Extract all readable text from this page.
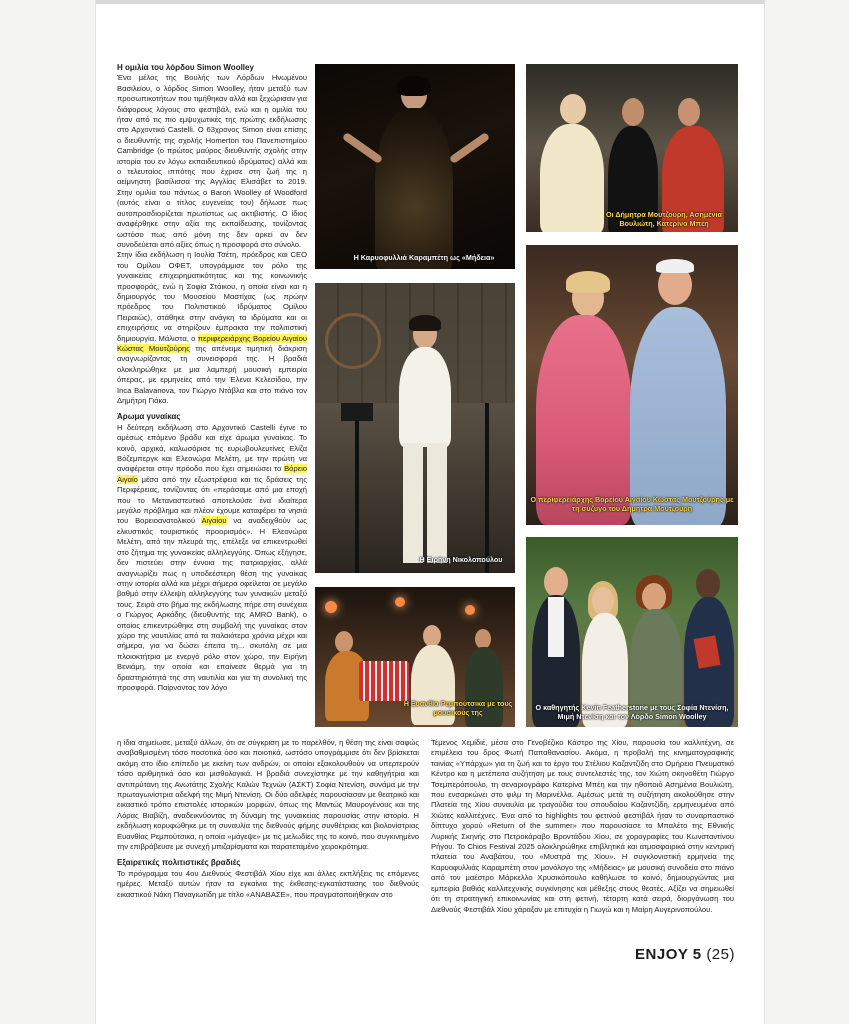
Η ομιλία του λόρδου Simon Woolley

Ένα μέλος της Βουλής των Λόρδων Ηνωμένου Βασιλείου, ο λόρδος Simon Woolley, ήταν μεταξύ των προσωπικοτήτων που τιμήθηκαν αλλά και ξεχώρισαν για διάφορους λόγους στο φεστιβάλ, ενώ και η ομιλία του ήταν από τις πιο εμψυχωτικές της πρώτης εκδήλωσης στο Αρχοντικό Castelli. Ο 63χρονος Simon είναι επίσης ο διευθυντής της σχολής Homerton του Πανεπιστημίου Cambridge (ο πρώτος μαύρος διευθυντής σχολής στην ιστορία του εν λόγω εκπαιδευτικού ιδρύματος) αλλά και ο τελευταίος ιππότης που έχρισε στη ζωή της η αείμνηστη βασίλισσα της Αγγλίας Ελισάβετ το 2019. Στην ομιλία του πάντως ο Baron Woolley of Woodford (αυτός είναι ο τίτλος ευγενείας του) δήλωσε πως αυτοπροσδιορίζεται πρωτίστως ως ακτιβιστής. Ο ίδιος αναφέρθηκε στην αξία της εκπαίδευσης, τονίζοντας ωστόσο πως από μόνη της δεν αρκεί αν δεν συνοδεύεται από αξίες όπως η προσφορά στο σύνολο.

Στην ίδια εκδήλωση η Ιουλία Τσέτη, πρόεδρος και CEO του Ομίλου ΟΦΕΤ, υπογράμμισε τον ρόλο της γυναικείας επιχειρηματικότητας και της κοινωνικής προσφοράς, ενώ η Σοφία Στάικου, η οποία είναι και η δημιουργός του Μουσείου Μαστίχας (ως πρώην πρόεδρος του Πολιτιστικού Ιδρύματος Ομίλου Πειραιώς), στάθηκε στην ανάγκη τα ιδρύματα και οι επιχειρήσεις να στηρίζουν έμπρακτα την πολιτιστική δημιουργία. Μάλιστα, ο περιφερειάρχης Βορείου Αιγαίου Κώστας Μουτζούρης της απένειμε τιμητική διάκριση αναγνωρίζοντας τη συνεισφορά της. Η βραδιά ολοκληρώθηκε με μια λαμπερή μουσική εμπειρία όπερας, με ερμηνείες από την Έλενα Κελεσίδου, την Inca Balavanova, τον Γιώργο Ντάβλα και στο πιάνο τον Δημήτρη Γιάκα.

Άρωμα γυναίκας

Η δεύτερη εκδήλωση στο Αρχοντικό Castelli έγινε το αμέσως επόμενο βράδυ και είχε άρωμα γυναίκας. Το κοινό, αρχικά, καλωσόρισε τις ευρωβουλευτίνες Ελίζα Βόζεμπεργκ και Ελεονώρα Μελέτη, με την πρώτη να αναφέρεται στην πρόοδο που έχει σημειώσει το Βόρειο Αιγαίο μέσα από την εξωστρέφεια και τις δράσεις της Περιφέρειας, τονίζοντας ότι «περάσαμε από μια εποχή που το Μεταναστευτικό αποτελούσε ένα ιδιαίτερα μεγάλο πρόβλημα και πλέον έχουμε καταφέρει τα νησιά του Βορειοανατολικού Αιγαίου να αναδειχθούν ως ελκυστικός τουριστικός προορισμός». Η Ελεονώρα Μελέτη, από την πλευρά της, επέλεξε να επικεντρωθεί στο ζήτημα της γυναικείας αλληλεγγύης. Όπως εξήγησε, δεν πιστεύει στην έννοια της πατριαρχίας, αλλά αναγνωρίζει πως η υποδεέστερη θέση της γυναίκας στην ιστορία αλλά και μέχρι σήμερα οφείλεται σε μεγάλο βαθμό στην έλλειψη αλληλεγγύης των γυναικών μεταξύ τους. Σειρά στο βήμα της εκδήλωσης πήρε στη συνέχεια ο Γιώργος Αρκάδης (διευθυντής της AMRO Bank), ο οποίος επικεντρώθηκε στη συμβολή της γυναίκας στον χώρο της ναυτιλίας από τα παλαιότερα χρόνια μέχρι και σήμερα, για να δώσει έπειτα τη... σκυτάλη σε μια πλοιοκτήτρια με ενεργό ρόλο στον χώρο, την Ειρήνη Βενιάμη, την οποία και επαίνεσε θερμά για τη δραστηριότητά της στη ναυτιλία και για τη συνολική της προσφορά. Παίρνοντας τον λόγο

η ίδια σημείωσε, μεταξύ άλλων, ότι σε σύγκριση με το παρελθόν, η θέση της είναι σαφώς αναβαθμισμένη τόσο ποσοτικά όσο και ποιοτικά, ωστόσο υπογράμμισε ότι δεν βρίσκεται ακόμη στο ίδιο επίπεδο με εκείνη των ανδρών, οι οποίοι εξακολουθούν να υπερτερούν τόσο αριθμητικά όσο και μισθολογικά. Η βραδιά συνεχίστηκε με την καθηγήτρια και αντιπρύτανη της Ανωτάτης Σχολής Καλών Τεχνών (ΑΣΚΤ) Σοφία Ντενίση, συνάμα με την πρωταγωνίστρια αδελφή της Μιμή Ντενίση. Οι δύο αδελφές παρουσίασαν με θεατρικό και εικαστικό τρόπο επιστολές ιστορικών μορφών, όπως της Μαντώς Μαυρογένους και της Λόρας Βιαβίζη, αναδεικνύοντας τη δύναμη της γυναικείας παρουσίας στην ιστορία. Η εκδήλωση κορυφώθηκε με τη συναυλία της διεθνούς φήμης συνθέτριας και βιολονίστριας Ευανθίας Ρεμπούτσικα, η οποία «μάγεψε» με τις μελωδίες της το κοινό, που συγκινημένο την επιβράβευσε με συνεχή μπιζαρίσματα και παρατεταμένο χειροκρότημα.

Εξαιρετικές πολιτιστικές βραδιές

Το πρόγραμμα του 4ου Διεθνούς Φεστιβάλ Χίου είχε και άλλες εκπλήξεις τις επόμενες ημέρες. Μεταξύ αυτών ήταν τα εγκαίνια της έκθεσης-εγκατάστασης του διεθνούς εικαστικού Νάκη Παναγιωτίδη με τίτλο «ΑΝΑΒΑΣΕ», που πραγματοποιήθηκαν στο

Τέμενος Χεμίδιέ, μέσα στο Γενοβέζικο Κάστρο της Χίου, παρουσία του καλλιτέχνη, σε επιμέλεια του δρος Φωτή Παπαθανασίου. Ακόμα, η προβολή της κινηματογραφικής ταινίας «Υπάρχω» για τη ζωή και το έργο του Στέλιου Καζαντζίδη στο Ομήρειο Πνευματικό Κέντρο και η μετέπειτα συζήτηση με τους συντελεστές της, τον Χιώτη σκηνοθέτη Γιώργο Τσεμπερόπουλο, τη σεναριογράφο Κατερίνα Μπέη και την ηθοποιό Ασημένια Βουλιώτη, που ενσαρκώνει στο φιλμ τη Μαρινέλλα. Αμέσως μετά τη συζήτηση ακολούθησε στην Πλατεία της Χίου συναυλία με τραγούδια του σπουδαίου Καζαντζίδη, ερμηνευμένα από Χιώτες καλλιτέχνες. Ένα από τα highlights του φετινού φεστιβάλ ήταν το συναρπαστικό δίπτυχο χορού «Return of the summer» που παρουσίασε το Μπαλέτο της Εθνικής Λυρικής Σκηνής στο Πετροκάραβο Βροντάδου Χίου, σε χορογραφίες του Κωνσταντίνου Ρήγου. Το Chios Festival 2025 ολοκληρώθηκε επιβλητικά και ατμοσφαιρικά στην κεντρική πλατεία του Αναβάτου, του «Μυστρά της Χίου». Η συγκλονιστική ερμηνεία της Καρυοφυλλιάς Καραμπέτη στον μονόλογο της «Μήδειας» με μουσική συνοδεία στο πιάνο από τον μαέστρο Μάρκελλο Χρυσικόπουλο καθήλωσε το κοινό, δημιουργώντας μια εμπειρία βαθιάς καλλιτεχνικής συγκίνησης και μέθεξης στους θεατές. Αξίζει να σημειωθεί ότι τη στρατηγική επικοινωνίας και στη φετινή, τέταρτη κατά σειρά, διοργάνωση του Διεθνούς Φεστιβάλ Χίου χάραξαν με επιτυχία η Γιωγώ και η Μαίρη Αυγερινοπούλου.

Η Καρυοφυλλιά Καραμπέτη ως «Μήδεια»
Οι Δήμητρα Μουτζούρη, Ασημένια Βουλιώτη, Κατερίνα Μπέη
Η Ειρήνη Νικολοπούλου
Ο περιφερειάρχης Βορείου Αιγαίου Κώστας Μουτζούρης με τη σύζυγό του Δήμητρα Μουτζούρη
Η Ευανθία Ρεμπούτσικα με τους μουσικούς της
Ο καθηγητής Kevin Featherstone με τους Σοφία Ντενίση, Μιμή Ντενίση και τον Λόρδο Simon Woolley
ENJOY 5 (25)
